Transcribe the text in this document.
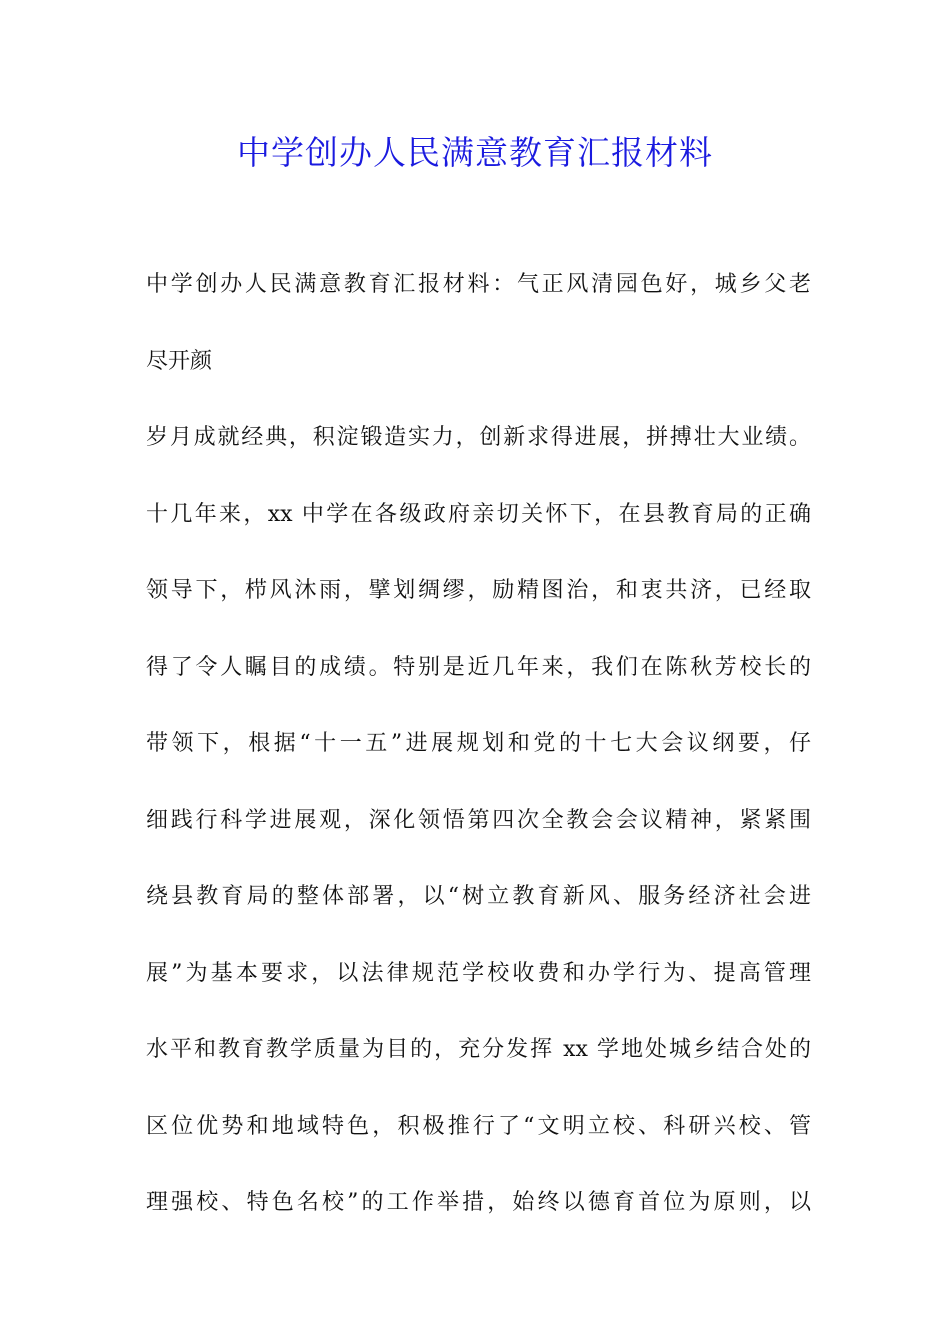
中学创办人民满意教育汇报材料

中学创办人民满意教育汇报材料：气正风清园色好，城乡父老

尽开颜

岁月成就经典，积淀锻造实力，创新求得进展，拼搏壮大业绩。

十几年来，xx 中学在各级政府亲切关怀下，在县教育局的正确

领导下，栉风沐雨，擘划绸缪，励精图治，和衷共济，已经取

得了令人瞩目的成绩。特别是近几年来，我们在陈秋芳校长的

带领下，根据“十一五”进展规划和党的十七大会议纲要，仔

细践行科学进展观，深化领悟第四次全教会会议精神，紧紧围

绕县教育局的整体部署，以“树立教育新风、服务经济社会进

展”为基本要求，以法律规范学校收费和办学行为、提高管理

水平和教育教学质量为目的，充分发挥 xx 学地处城乡结合处的

区位优势和地域特色，积极推行了“文明立校、科研兴校、管

理强校、特色名校”的工作举措，始终以德育首位为原则，以
